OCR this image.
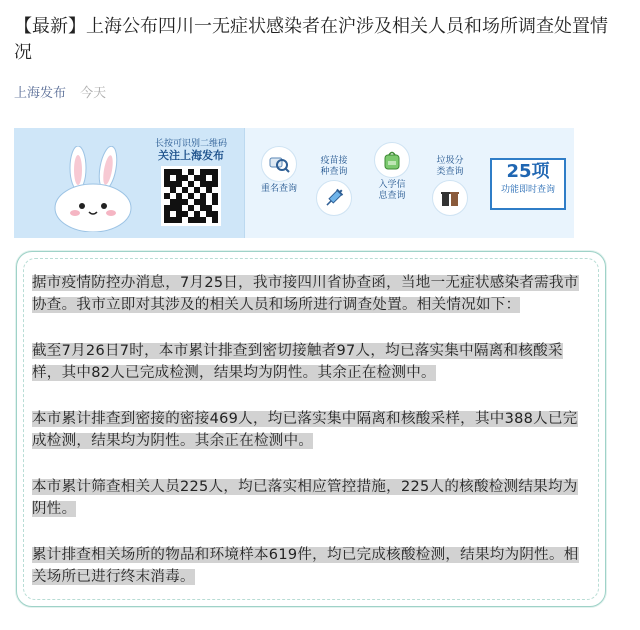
【最新】上海公布四川一无症状感染者在沪涉及相关人员和场所调查处置情况
上海发布 今天
长按可识别二维码
关注上海发布
重名查询
疫苗接种查询
入学信息查询
垃圾分类查询	25项
功能即时查询

据市疫情防控办消息，7月25日，我市接四川省协查函，当地一无症状感染者需我市协查。我市立即对其涉及的相关人员和场所进行调查处置。相关情况如下：

截至7月26日7时，本市累计排查到密切接触者97人，均已落实集中隔离和核酸采样，其中82人已完成检测，结果均为阴性。其余正在检测中。

本市累计排查到密接的密接469人，均已落实集中隔离和核酸采样，其中388人已完成检测，结果均为阴性。其余正在检测中。

本市累计筛查相关人员225人，均已落实相应管控措施，225人的核酸检测结果均为阴性。

累计排查相关场所的物品和环境样本619件，均已完成核酸检测，结果均为阴性。相关场所已进行终末消毒。
